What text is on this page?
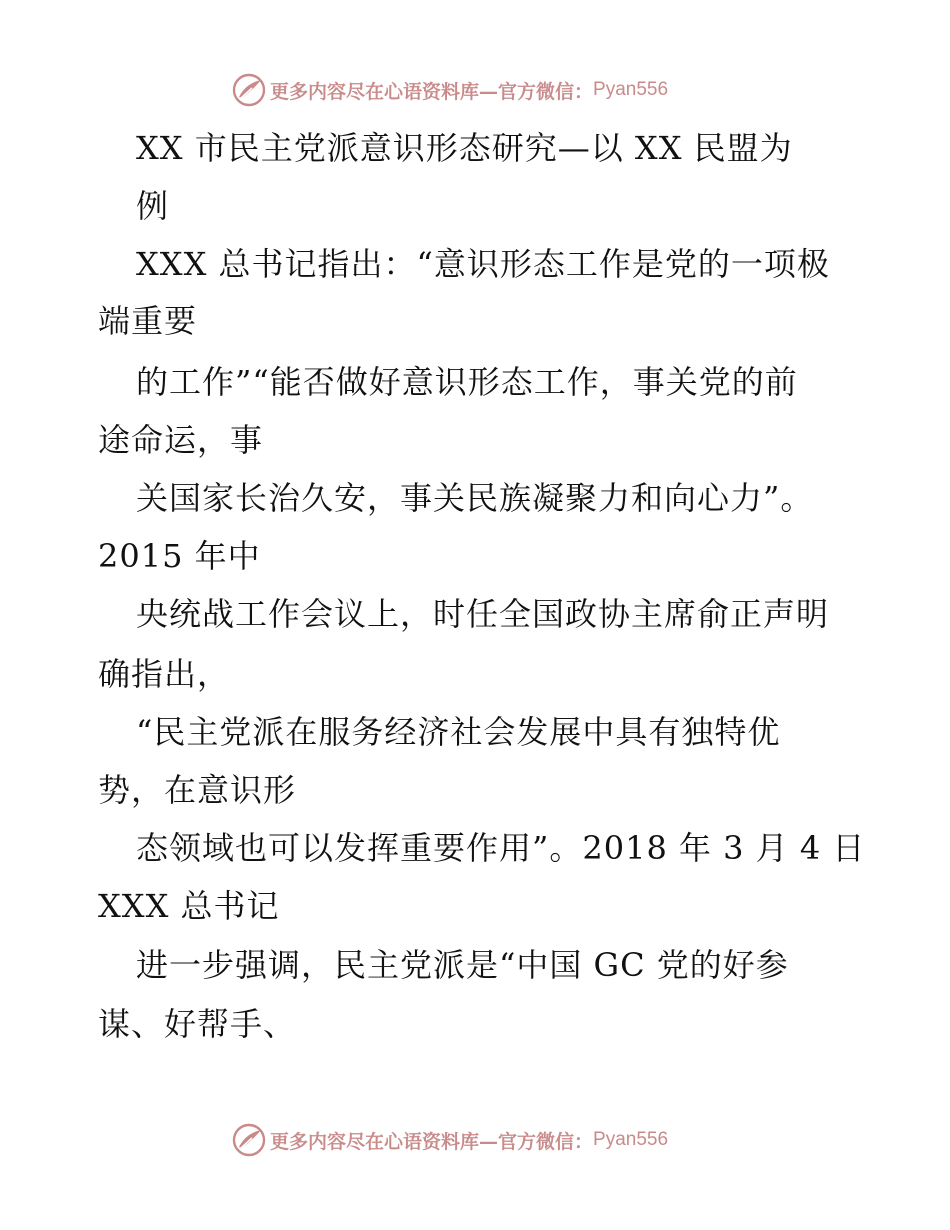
更多内容尽在心语资料库—官方微信： Pyan556
XX 市民主党派意识形态研究—以 XX 民盟为
例
XXX 总书记指出：“意识形态工作是党的一项极
端重要
的工作”“能否做好意识形态工作，事关党的前
途命运，事
关国家长治久安，事关民族凝聚力和向心力”。
2015 年中
央统战工作会议上，时任全国政协主席俞正声明
确指出，
“民主党派在服务经济社会发展中具有独特优
势，在意识形
态领域也可以发挥重要作用”。2018 年 3 月 4 日
XXX 总书记
进一步强调，民主党派是“中国 GC 党的好参
谋、好帮手、
更多内容尽在心语资料库—官方微信： Pyan556
